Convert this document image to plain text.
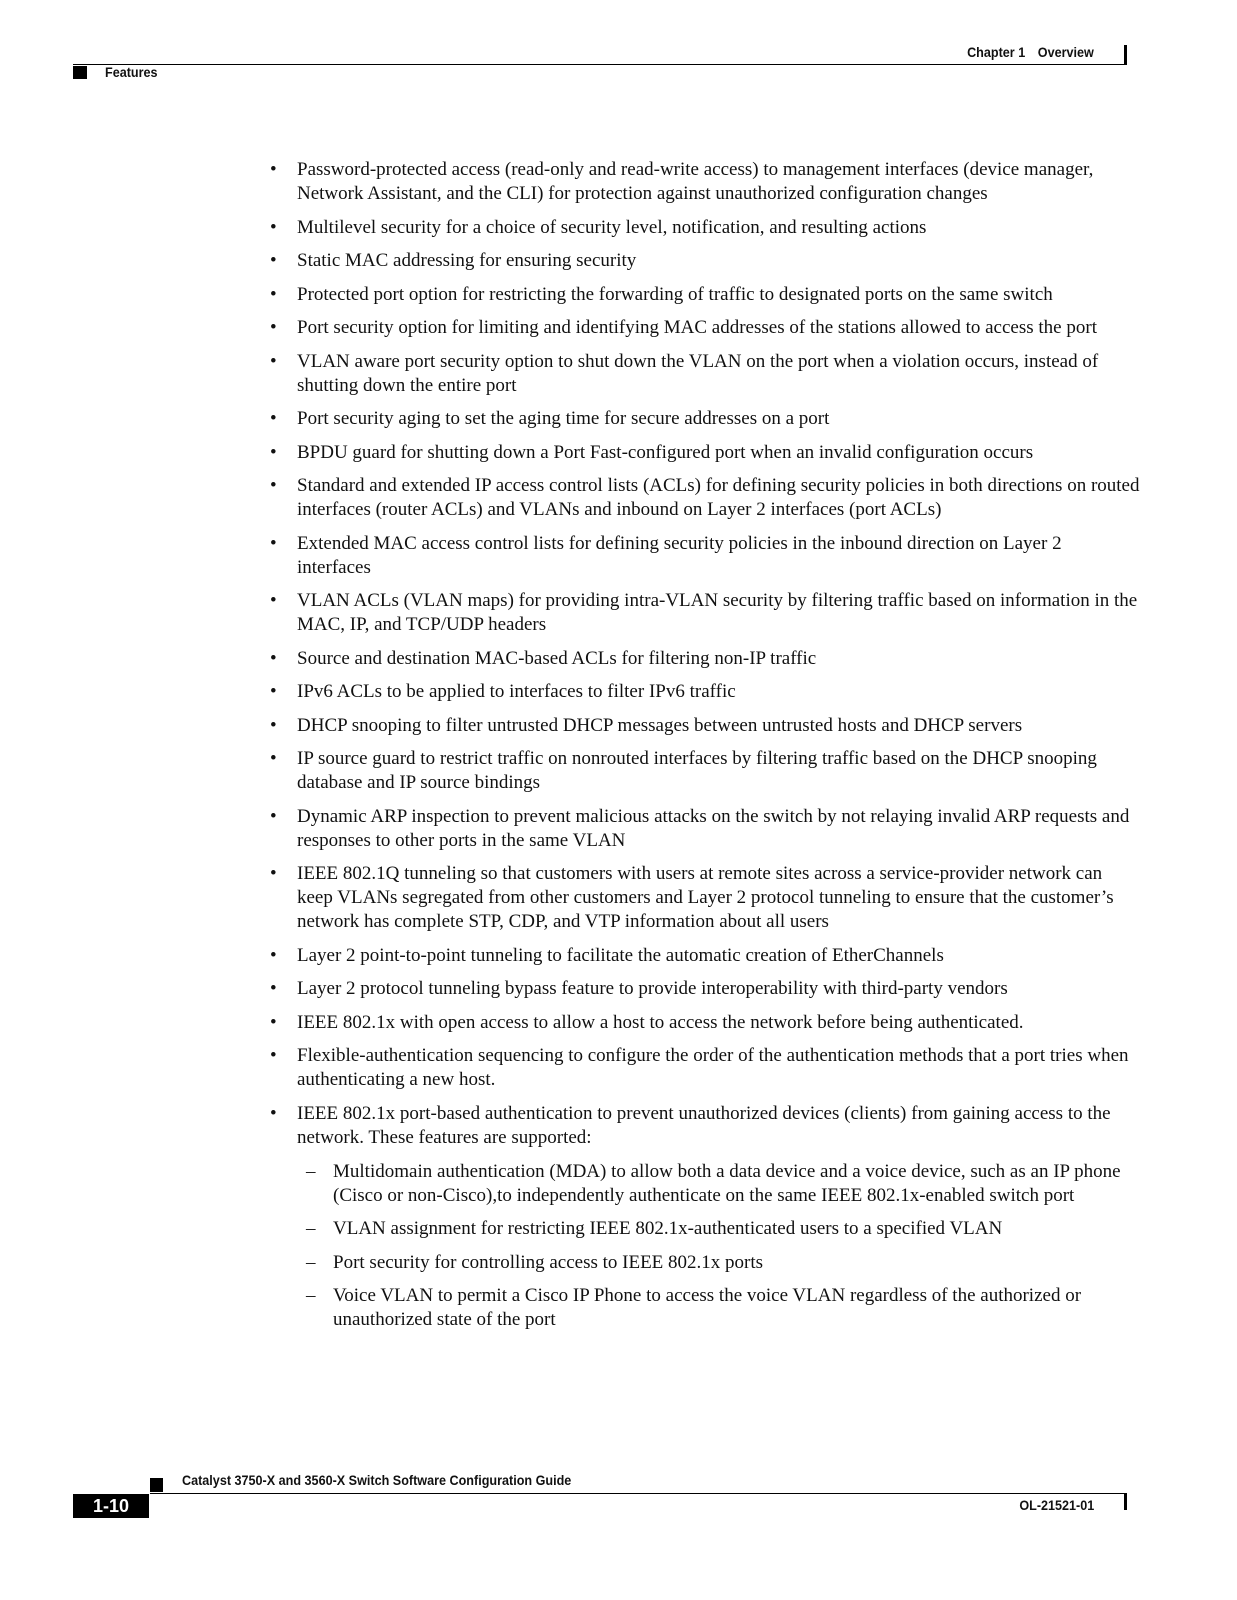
Chapter 1 Overview
Features
• Password-protected access (read-only and read-write access) to management interfaces (device manager, Network Assistant, and the CLI) for protection against unauthorized configuration changes
• Multilevel security for a choice of security level, notification, and resulting actions
• Static MAC addressing for ensuring security
• Protected port option for restricting the forwarding of traffic to designated ports on the same switch
• Port security option for limiting and identifying MAC addresses of the stations allowed to access the port
• VLAN aware port security option to shut down the VLAN on the port when a violation occurs, instead of shutting down the entire port
• Port security aging to set the aging time for secure addresses on a port
• BPDU guard for shutting down a Port Fast-configured port when an invalid configuration occurs
• Standard and extended IP access control lists (ACLs) for defining security policies in both directions on routed interfaces (router ACLs) and VLANs and inbound on Layer 2 interfaces (port ACLs)
• Extended MAC access control lists for defining security policies in the inbound direction on Layer 2 interfaces
• VLAN ACLs (VLAN maps) for providing intra-VLAN security by filtering traffic based on information in the MAC, IP, and TCP/UDP headers
• Source and destination MAC-based ACLs for filtering non-IP traffic
• IPv6 ACLs to be applied to interfaces to filter IPv6 traffic
• DHCP snooping to filter untrusted DHCP messages between untrusted hosts and DHCP servers
• IP source guard to restrict traffic on nonrouted interfaces by filtering traffic based on the DHCP snooping database and IP source bindings
• Dynamic ARP inspection to prevent malicious attacks on the switch by not relaying invalid ARP requests and responses to other ports in the same VLAN
• IEEE 802.1Q tunneling so that customers with users at remote sites across a service-provider network can keep VLANs segregated from other customers and Layer 2 protocol tunneling to ensure that the customer’s network has complete STP, CDP, and VTP information about all users
• Layer 2 point-to-point tunneling to facilitate the automatic creation of EtherChannels
• Layer 2 protocol tunneling bypass feature to provide interoperability with third-party vendors
• IEEE 802.1x with open access to allow a host to access the network before being authenticated.
• Flexible-authentication sequencing to configure the order of the authentication methods that a port tries when authenticating a new host.
• IEEE 802.1x port-based authentication to prevent unauthorized devices (clients) from gaining access to the network. These features are supported:
– Multidomain authentication (MDA) to allow both a data device and a voice device, such as an IP phone (Cisco or non-Cisco),to independently authenticate on the same IEEE 802.1x-enabled switch port
– VLAN assignment for restricting IEEE 802.1x-authenticated users to a specified VLAN
– Port security for controlling access to IEEE 802.1x ports
– Voice VLAN to permit a Cisco IP Phone to access the voice VLAN regardless of the authorized or unauthorized state of the port
Catalyst 3750-X and 3560-X Switch Software Configuration Guide
1-10	OL-21521-01
